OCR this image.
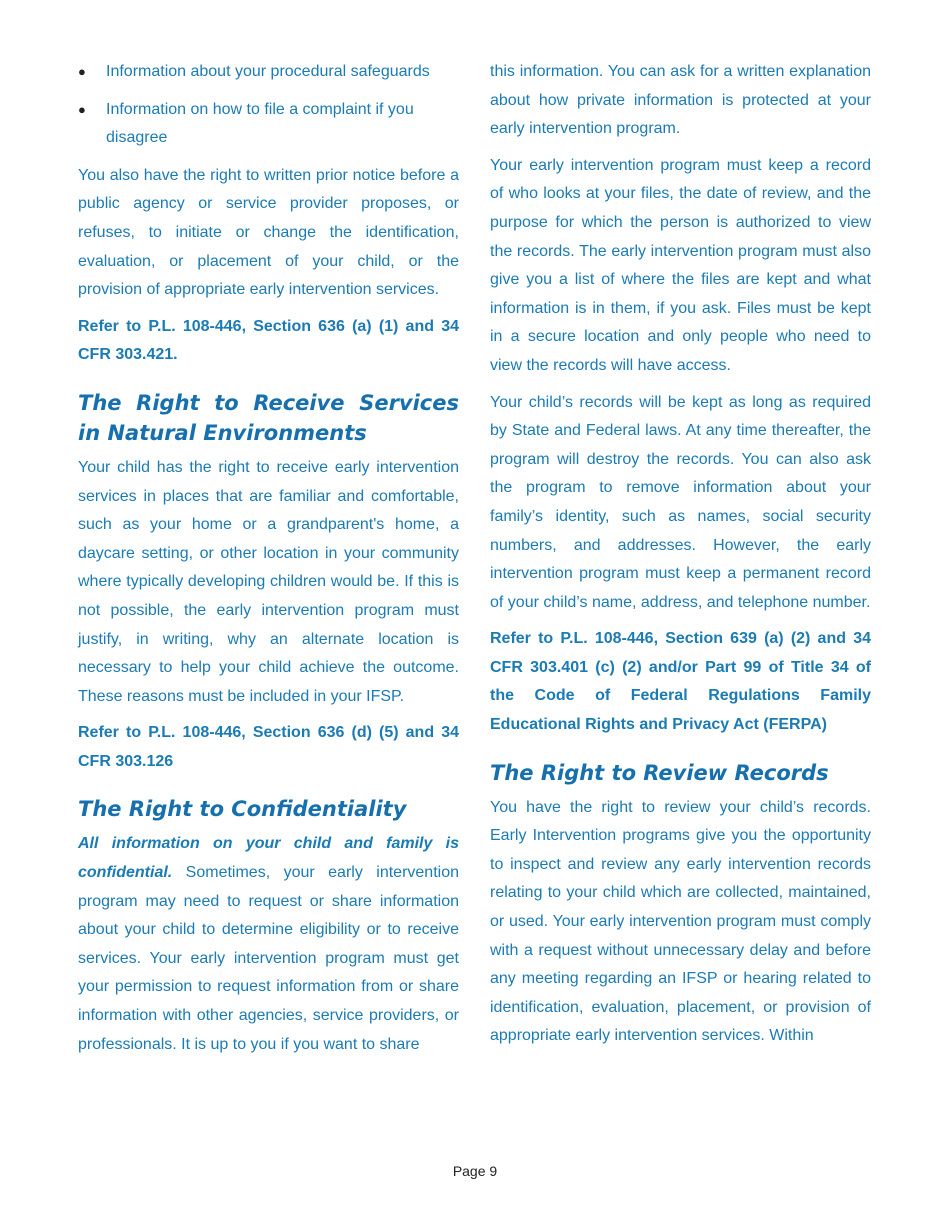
● Information about your procedural safeguards
● Information on how to file a complaint if you disagree

You also have the right to written prior notice before a public agency or service provider proposes, or refuses, to initiate or change the identification, evaluation, or placement of your child, or the provision of appropriate early intervention services.

Refer to P.L. 108-446, Section 636 (a) (1) and 34 CFR 303.421.

The Right to Receive Services in Natural Environments

Your child has the right to receive early intervention services in places that are familiar and comfortable, such as your home or a grandparent's home, a daycare setting, or other location in your community where typically developing children would be. If this is not possible, the early intervention program must justify, in writing, why an alternate location is necessary to help your child achieve the outcome. These reasons must be included in your IFSP.

Refer to P.L. 108-446, Section 636 (d) (5) and 34 CFR 303.126

The Right to Confidentiality

All information on your child and family is confidential. Sometimes, your early intervention program may need to request or share information about your child to determine eligibility or to receive services. Your early intervention program must get your permission to request information from or share information with other agencies, service providers, or professionals. It is up to you if you want to share

this information. You can ask for a written explanation about how private information is protected at your early intervention program.

Your early intervention program must keep a record of who looks at your files, the date of review, and the purpose for which the person is authorized to view the records. The early intervention program must also give you a list of where the files are kept and what information is in them, if you ask. Files must be kept in a secure location and only people who need to view the records will have access.

Your child’s records will be kept as long as required by State and Federal laws. At any time thereafter, the program will destroy the records. You can also ask the program to remove information about your family’s identity, such as names, social security numbers, and addresses. However, the early intervention program must keep a permanent record of your child’s name, address, and telephone number.

Refer to P.L. 108-446, Section 639 (a) (2) and 34 CFR 303.401 (c) (2) and/or Part 99 of Title 34 of the Code of Federal Regulations Family Educational Rights and Privacy Act (FERPA)

The Right to Review Records

You have the right to review your child’s records. Early Intervention programs give you the opportunity to inspect and review any early intervention records relating to your child which are collected, maintained, or used. Your early intervention program must comply with a request without unnecessary delay and before any meeting regarding an IFSP or hearing related to identification, evaluation, placement, or provision of appropriate early intervention services. Within

Page 9
